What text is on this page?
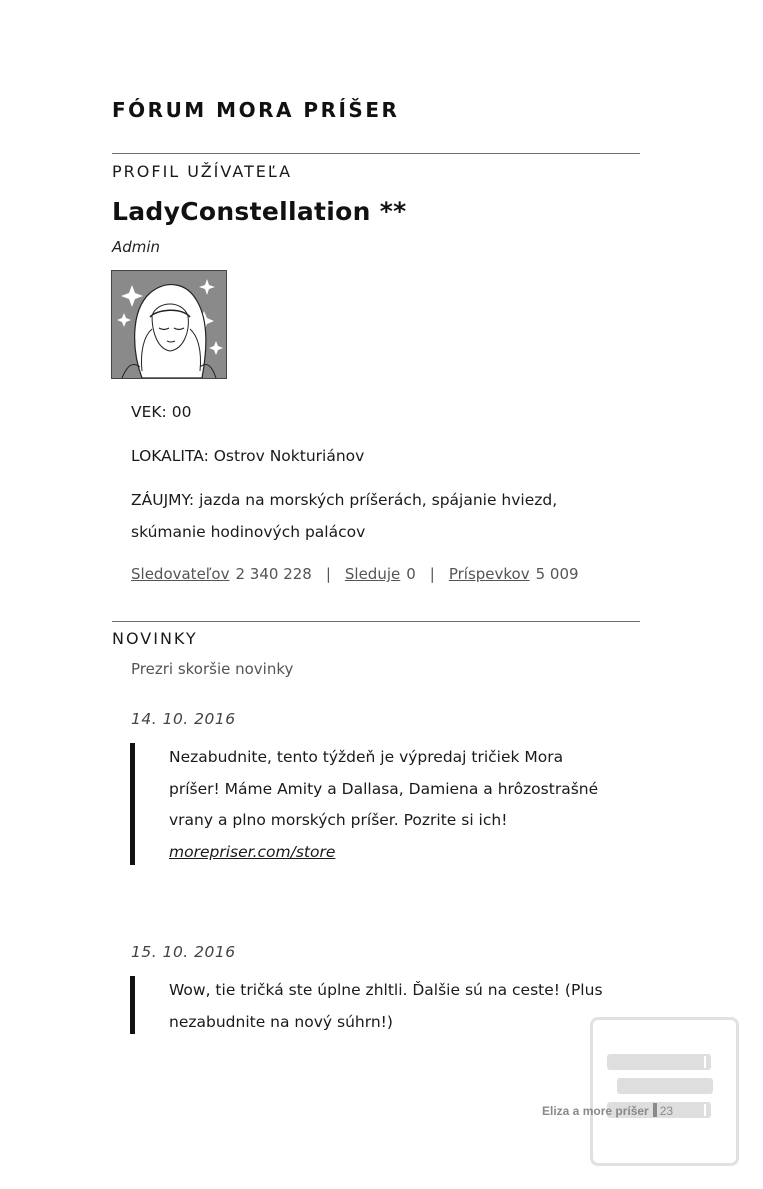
FÓRUM MORA PRÍŠER
PROFIL UŽÍVATEĽA
LadyConstellation **
Admin
VEK: 00
LOKALITA: Ostrov Nokturiánov
ZÁUJMY: jazda na morských príšerách, spájanie hviezd,
skúmanie hodinových palácov
Sledovateľov 2 340 228 | Sleduje 0 | Príspevkov 5 009
NOVINKY
Prezri skoršie novinky
14. 10. 2016
Nezabudnite, tento týždeň je výpredaj tričiek Mora
príšer! Máme Amity a Dallasa, Damiena a hrôzostrašné
vrany a plno morských príšer. Pozrite si ich!
morepriser.com/store
15. 10. 2016
Wow, tie tričká ste úplne zhltli. Ďalšie sú na ceste! (Plus
nezabudnite na nový súhrn!)
Eliza a more príšer 23
